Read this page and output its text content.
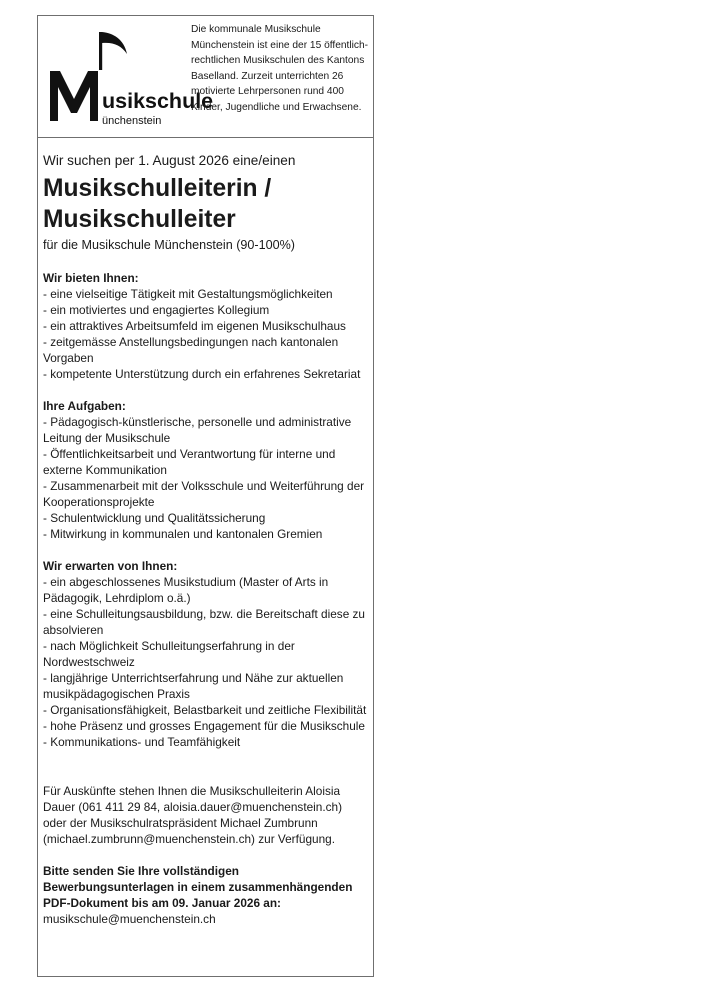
usikschule
ünchenstein
Die kommunale Musikschule Münchenstein ist eine der 15 öffentlich-rechtlichen Musikschulen des Kantons Baselland. Zurzeit unterrichten 26 motivierte Lehrpersonen rund 400 Kinder, Jugendliche und Erwachsene.

Wir suchen per 1. August 2026 eine/einen

Musikschulleiterin / Musikschulleiter

für die Musikschule Münchenstein (90-100%)

Wir bieten Ihnen:
- eine vielseitige Tätigkeit mit Gestaltungsmöglichkeiten
- ein motiviertes und engagiertes Kollegium
- ein attraktives Arbeitsumfeld im eigenen Musikschulhaus
- zeitgemässe Anstellungsbedingungen nach kantonalen Vorgaben
- kompetente Unterstützung durch ein erfahrenes Sekretariat
Ihre Aufgaben:
- Pädagogisch-künstlerische, personelle und administrative Leitung der Musikschule
- Öffentlichkeitsarbeit und Verantwortung für interne und externe Kommunikation
- Zusammenarbeit mit der Volksschule und Weiterführung der Kooperationsprojekte
- Schulentwicklung und Qualitätssicherung
- Mitwirkung in kommunalen und kantonalen Gremien
Wir erwarten von Ihnen:
- ein abgeschlossenes Musikstudium (Master of Arts in Pädagogik, Lehrdiplom o.ä.)
- eine Schulleitungsausbildung, bzw. die Bereitschaft diese zu absolvieren
- nach Möglichkeit Schulleitungserfahrung in der Nordwestschweiz
- langjährige Unterrichtserfahrung und Nähe zur aktuellen musikpädagogischen Praxis
- Organisationsfähigkeit, Belastbarkeit und zeitliche Flexibilität
- hohe Präsenz und grosses Engagement für die Musikschule
- Kommunikations- und Teamfähigkeit

Für Auskünfte stehen Ihnen die Musikschulleiterin Aloisia Dauer (061 411 29 84, aloisia.dauer@muenchenstein.ch) oder der Musikschulratspräsident Michael Zumbrunn (michael.zumbrunn@muenchenstein.ch) zur Verfügung.

Bitte senden Sie Ihre vollständigen Bewerbungsunterlagen in einem zusammenhängenden PDF-Dokument bis am 09. Januar 2026 an: musikschule@muenchenstein.ch
